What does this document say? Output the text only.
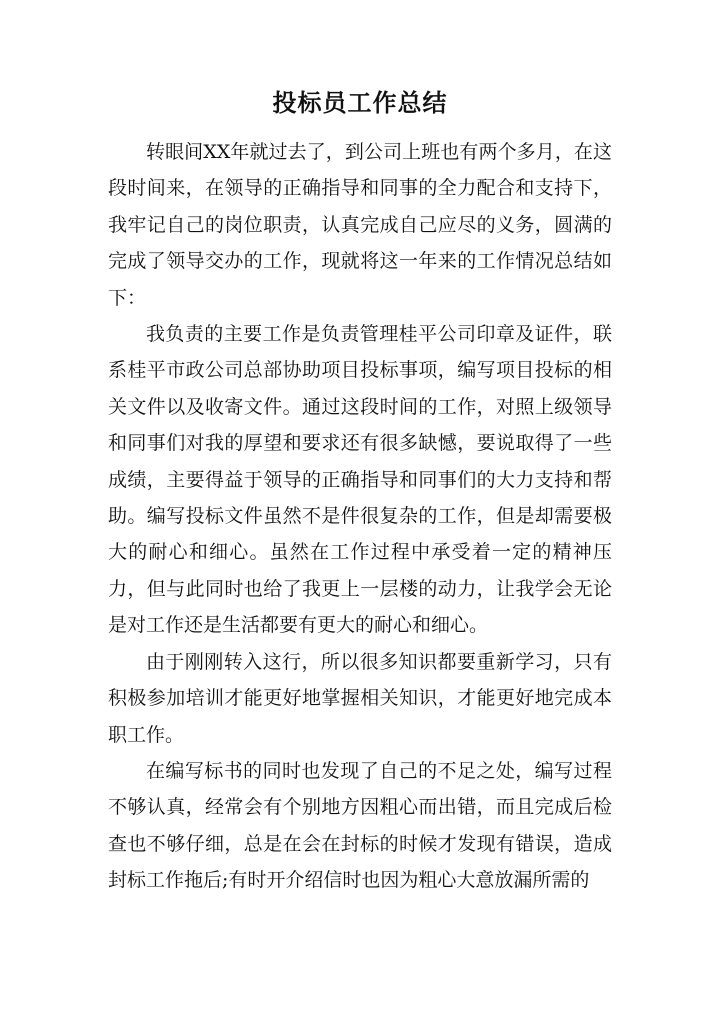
投标员工作总结

转眼间XX年就过去了，到公司上班也有两个多月，在这段时间来，在领导的正确指导和同事的全力配合和支持下，我牢记自己的岗位职责，认真完成自己应尽的义务，圆满的完成了领导交办的工作，现就将这一年来的工作情况总结如下：

我负责的主要工作是负责管理桂平公司印章及证件，联系桂平市政公司总部协助项目投标事项，编写项目投标的相关文件以及收寄文件。通过这段时间的工作，对照上级领导和同事们对我的厚望和要求还有很多缺憾，要说取得了一些成绩，主要得益于领导的正确指导和同事们的大力支持和帮助。编写投标文件虽然不是件很复杂的工作，但是却需要极大的耐心和细心。虽然在工作过程中承受着一定的精神压力，但与此同时也给了我更上一层楼的动力，让我学会无论是对工作还是生活都要有更大的耐心和细心。

由于刚刚转入这行，所以很多知识都要重新学习，只有积极参加培训才能更好地掌握相关知识，才能更好地完成本职工作。

在编写标书的同时也发现了自己的不足之处，编写过程不够认真，经常会有个别地方因粗心而出错，而且完成后检查也不够仔细，总是在会在封标的时候才发现有错误，造成封标工作拖后;有时开介绍信时也因为粗心大意放漏所需的
